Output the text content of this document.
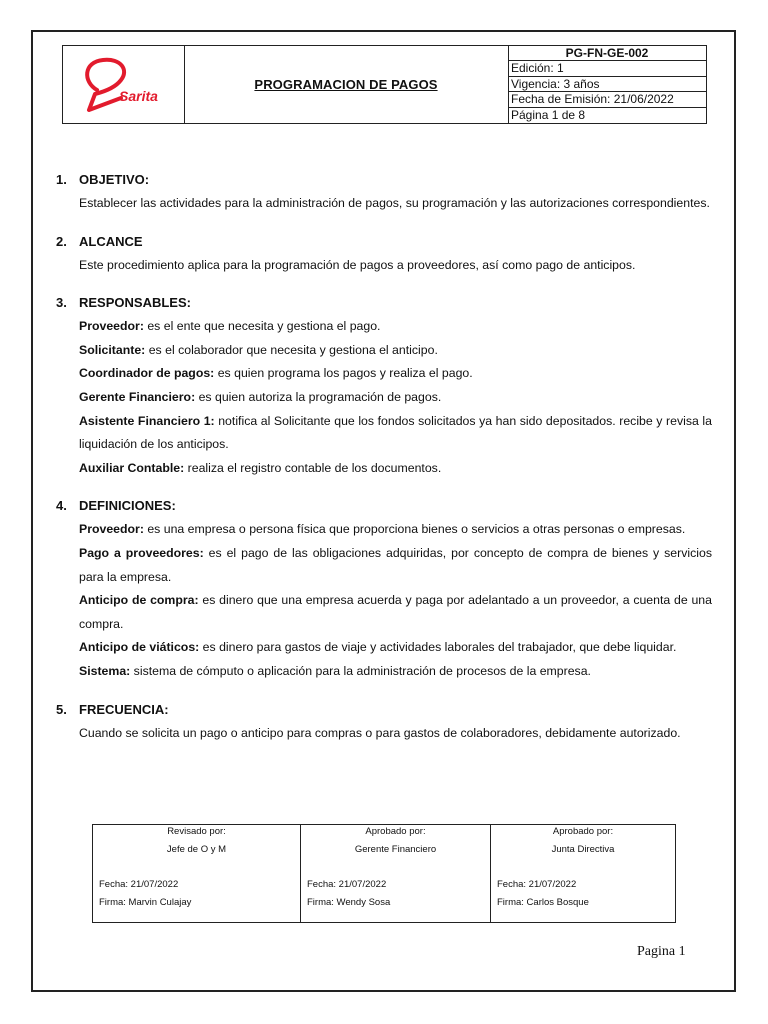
Sarita
PROGRAMACION DE PAGOS
PG-FN-GE-002
Edición: 1
Vigencia: 3 años
Fecha de Emisión: 21/06/2022
Página 1 de 8
1. OBJETIVO:
Establecer las actividades para la administración de pagos, su programación y las autorizaciones correspondientes.
2. ALCANCE
Este procedimiento aplica para la programación de pagos a proveedores, así como pago de anticipos.
3. RESPONSABLES:
Proveedor: es el ente que necesita y gestiona el pago.
Solicitante: es el colaborador que necesita y gestiona el anticipo.
Coordinador de pagos: es quien programa los pagos y realiza el pago.
Gerente Financiero: es quien autoriza la programación de pagos.
Asistente Financiero 1: notifica al Solicitante que los fondos solicitados ya han sido depositados. recibe y revisa la liquidación de los anticipos.
Auxiliar Contable: realiza el registro contable de los documentos.
4. DEFINICIONES:
Proveedor: es una empresa o persona física que proporciona bienes o servicios a otras personas o empresas.
Pago a proveedores: es el pago de las obligaciones adquiridas, por concepto de compra de bienes y servicios para la empresa.
Anticipo de compra: es dinero que una empresa acuerda y paga por adelantado a un proveedor, a cuenta de una compra.
Anticipo de viáticos: es dinero para gastos de viaje y actividades laborales del trabajador, que debe liquidar.
Sistema: sistema de cómputo o aplicación para la administración de procesos de la empresa.
5. FRECUENCIA:
Cuando se solicita un pago o anticipo para compras o para gastos de colaboradores, debidamente autorizado.
Revisado por:
Jefe de O y M
Fecha: 21/07/2022
Firma: Marvin Culajay
Aprobado por:
Gerente Financiero
Fecha: 21/07/2022
Firma: Wendy Sosa
Aprobado por:
Junta Directiva
Fecha: 21/07/2022
Firma: Carlos Bosque
Pagina 1
